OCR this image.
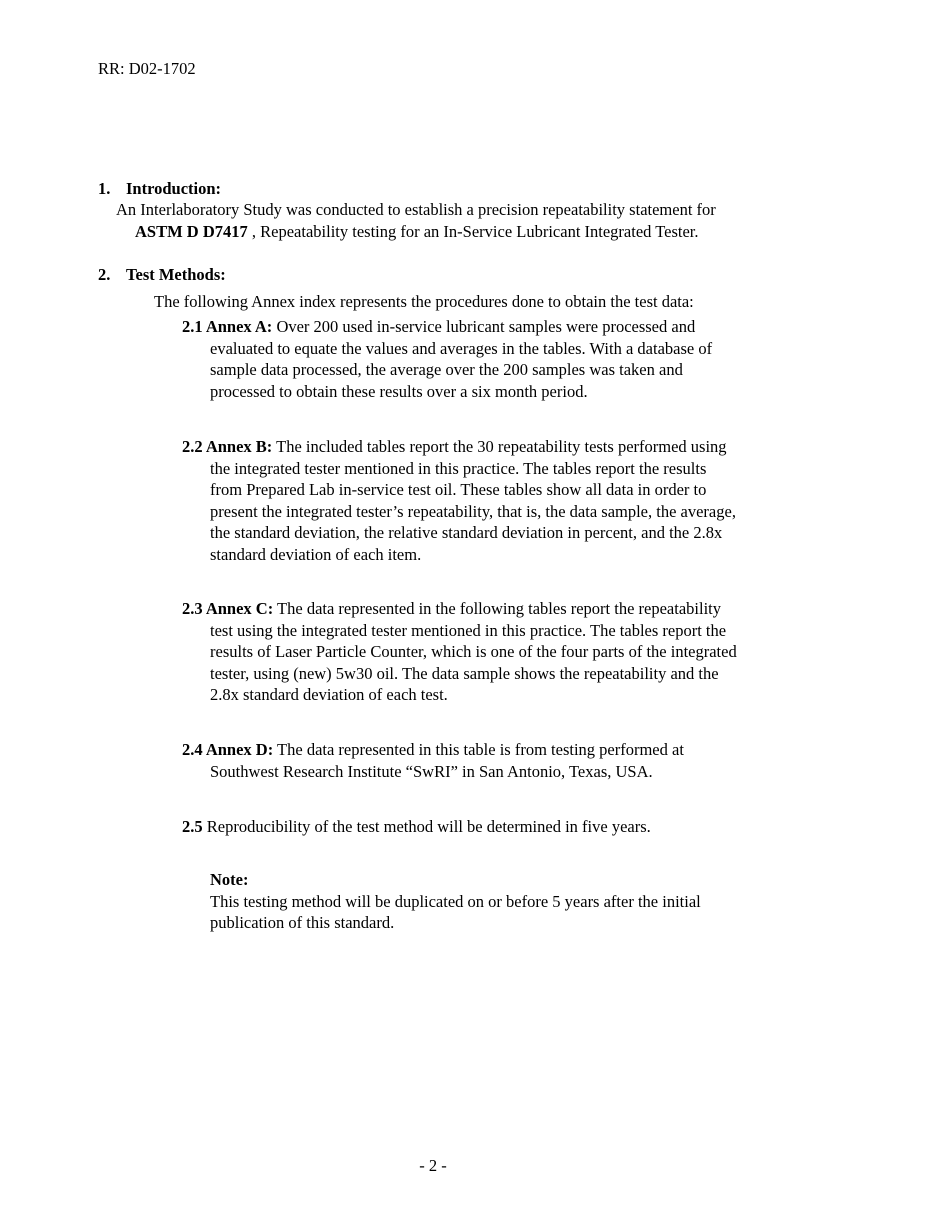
RR: D02-1702
1. Introduction:
An Interlaboratory Study was conducted to establish a precision repeatability statement for
ASTM D D7417 , Repeatability testing for an In-Service Lubricant Integrated Tester.
2. Test Methods:
The following Annex index represents the procedures done to obtain the test data:
2.1 Annex A: Over 200 used in-service lubricant samples were processed and
evaluated to equate the values and averages in the tables. With a database of
sample data processed, the average over the 200 samples was taken and
processed to obtain these results over a six month period.
2.2 Annex B: The included tables report the 30 repeatability tests performed using
the integrated tester mentioned in this practice. The tables report the results
from Prepared Lab in-service test oil. These tables show all data in order to
present the integrated tester’s repeatability, that is, the data sample, the average,
the standard deviation, the relative standard deviation in percent, and the 2.8x
standard deviation of each item.
2.3 Annex C: The data represented in the following tables report the repeatability
test using the integrated tester mentioned in this practice. The tables report the
results of Laser Particle Counter, which is one of the four parts of the integrated
tester, using (new) 5w30 oil. The data sample shows the repeatability and the
2.8x standard deviation of each test.
2.4 Annex D: The data represented in this table is from testing performed at
Southwest Research Institute “SwRI” in San Antonio, Texas, USA.
2.5 Reproducibility of the test method will be determined in five years.
Note:
This testing method will be duplicated on or before 5 years after the initial
publication of this standard.
- 2 -
